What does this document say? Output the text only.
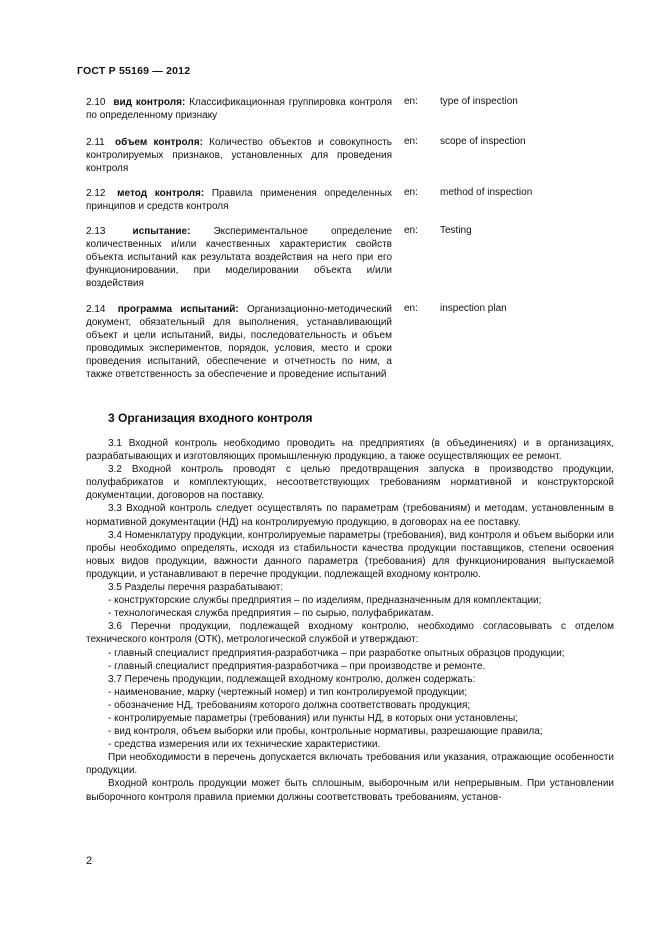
ГОСТ Р 55169 — 2012
2.10 вид контроля: Классификационная группировка контроля по определенному признаку
en: type of inspection
2.11 объем контроля: Количество объектов и совокупность контролируемых признаков, установленных для проведения контроля
en: scope of inspection
2.12 метод контроля: Правила применения определенных принципов и средств контроля
en: method of inspection
2.13	испытание: Экспериментальное определение количественных и/или качественных характеристик свойств объекта испытаний как результата воздействия на него при его функционировании, при моделировании объекта и/или воздействия
en: Testing
2.14 программа испытаний: Организационно-методический документ, обязательный для выполнения, устанавливающий объект и цели испытаний, виды, последовательность и объем проводимых экспериментов, порядок, условия, место и сроки проведения испытаний, обеспечение и отчетность по ним, а также ответственность за обеспечение и проведение испытаний
en: inspection plan
3 Организация входного контроля

3.1 Входной контроль необходимо проводить на предприятиях (в объединениях) и в организациях, разрабатывающих и изготовляющих промышленную продукцию, а также осуществляющих ее ремонт.

3.2 Входной контроль проводят с целью предотвращения запуска в производство продукции, полуфабрикатов и комплектующих, несоответствующих требованиям нормативной и конструкторской документации, договоров на поставку.

3.3 Входной контроль следует осуществлять по параметрам (требованиям) и методам, установленным в нормативной документации (НД) на контролируемую продукцию, в договорах на ее поставку.

3.4 Номенклатуру продукции, контролируемые параметры (требования), вид контроля и объем выборки или пробы необходимо определять, исходя из стабильности качества продукции поставщиков, степени освоения новых видов продукции, важности данного параметра (требования) для функционирования выпускаемой продукции, и устанавливают в перечне продукции, подлежащей входному контролю.

3.5 Разделы перечня разрабатывают:

- конструкторские службы предприятия – по изделиям, предназначенным для комплектации;

- технологическая служба предприятия – по сырью, полуфабрикатам.

3.6 Перечни продукции, подлежащей входному контролю, необходимо согласовывать с отделом технического контроля (ОТК), метрологической службой и утверждают:

- главный специалист предприятия-разработчика – при разработке опытных образцов продукции;

- главный специалист предприятия-разработчика – при производстве и ремонте.

3.7 Перечень продукции, подлежащей входному контролю, должен содержать:

- наименование, марку (чертежный номер) и тип контролируемой продукции;

- обозначение НД, требованиям которого должна соответствовать продукция;

- контролируемые параметры (требования) или пункты НД, в которых они установлены;

- вид контроля, объем выборки или пробы, контрольные нормативы, разрешающие правила;

- средства измерения или их технические характеристики.

При необходимости в перечень допускается включать требования или указания, отражающие особенности продукции.

Входной контроль продукции может быть сплошным, выборочным или непрерывным. При установлении выборочного контроля правила приемки должны соответствовать требованиям, установ-

2
